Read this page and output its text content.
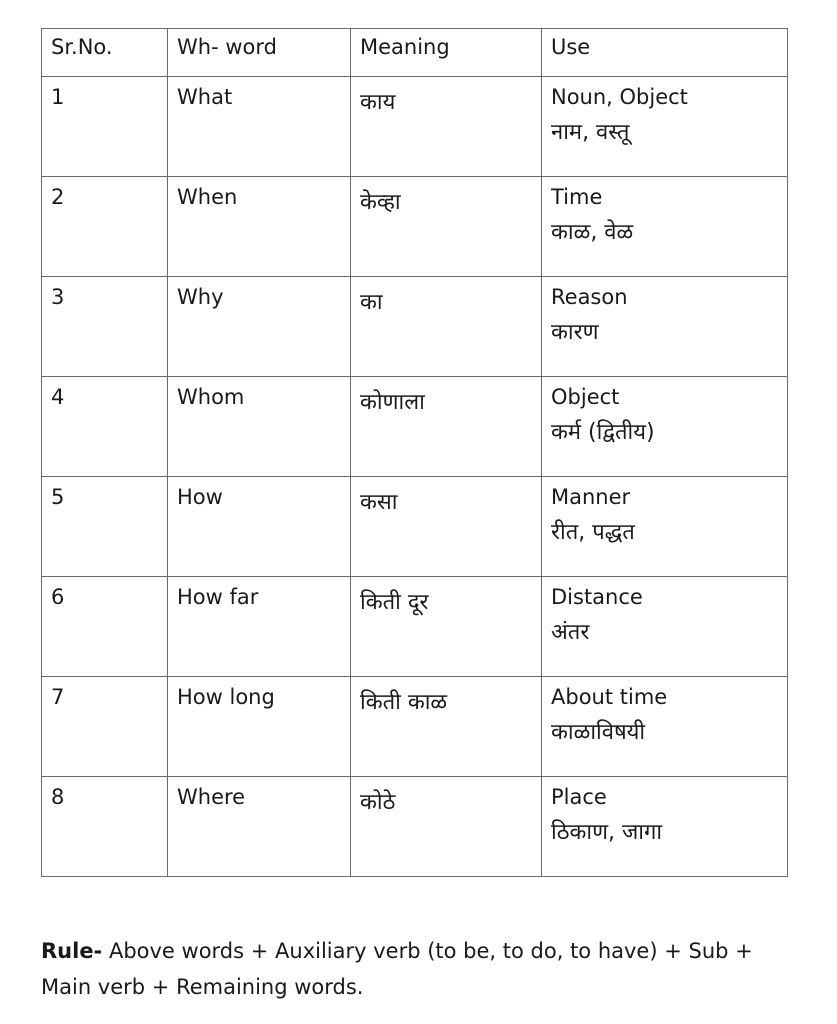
Sr.No.	Wh- word	Meaning	Use
1	What	काय	Noun, Object
नाम, वस्तू

2	When	केव्हा	Time
काळ, वेळ

3	Why	का	Reason
कारण

4	Whom	कोणाला	Object
कर्म (द्वितीय)

5	How	कसा	Manner
रीत, पद्धत

6	How far	किती दूर	Distance
अंतर

7	How long	किती काळ	About time
काळाविषयी

8	Where	कोठे	Place
ठिकाण, जागा

Rule- Above words + Auxiliary verb (to be, to do, to have) + Sub + Main verb + Remaining words.
